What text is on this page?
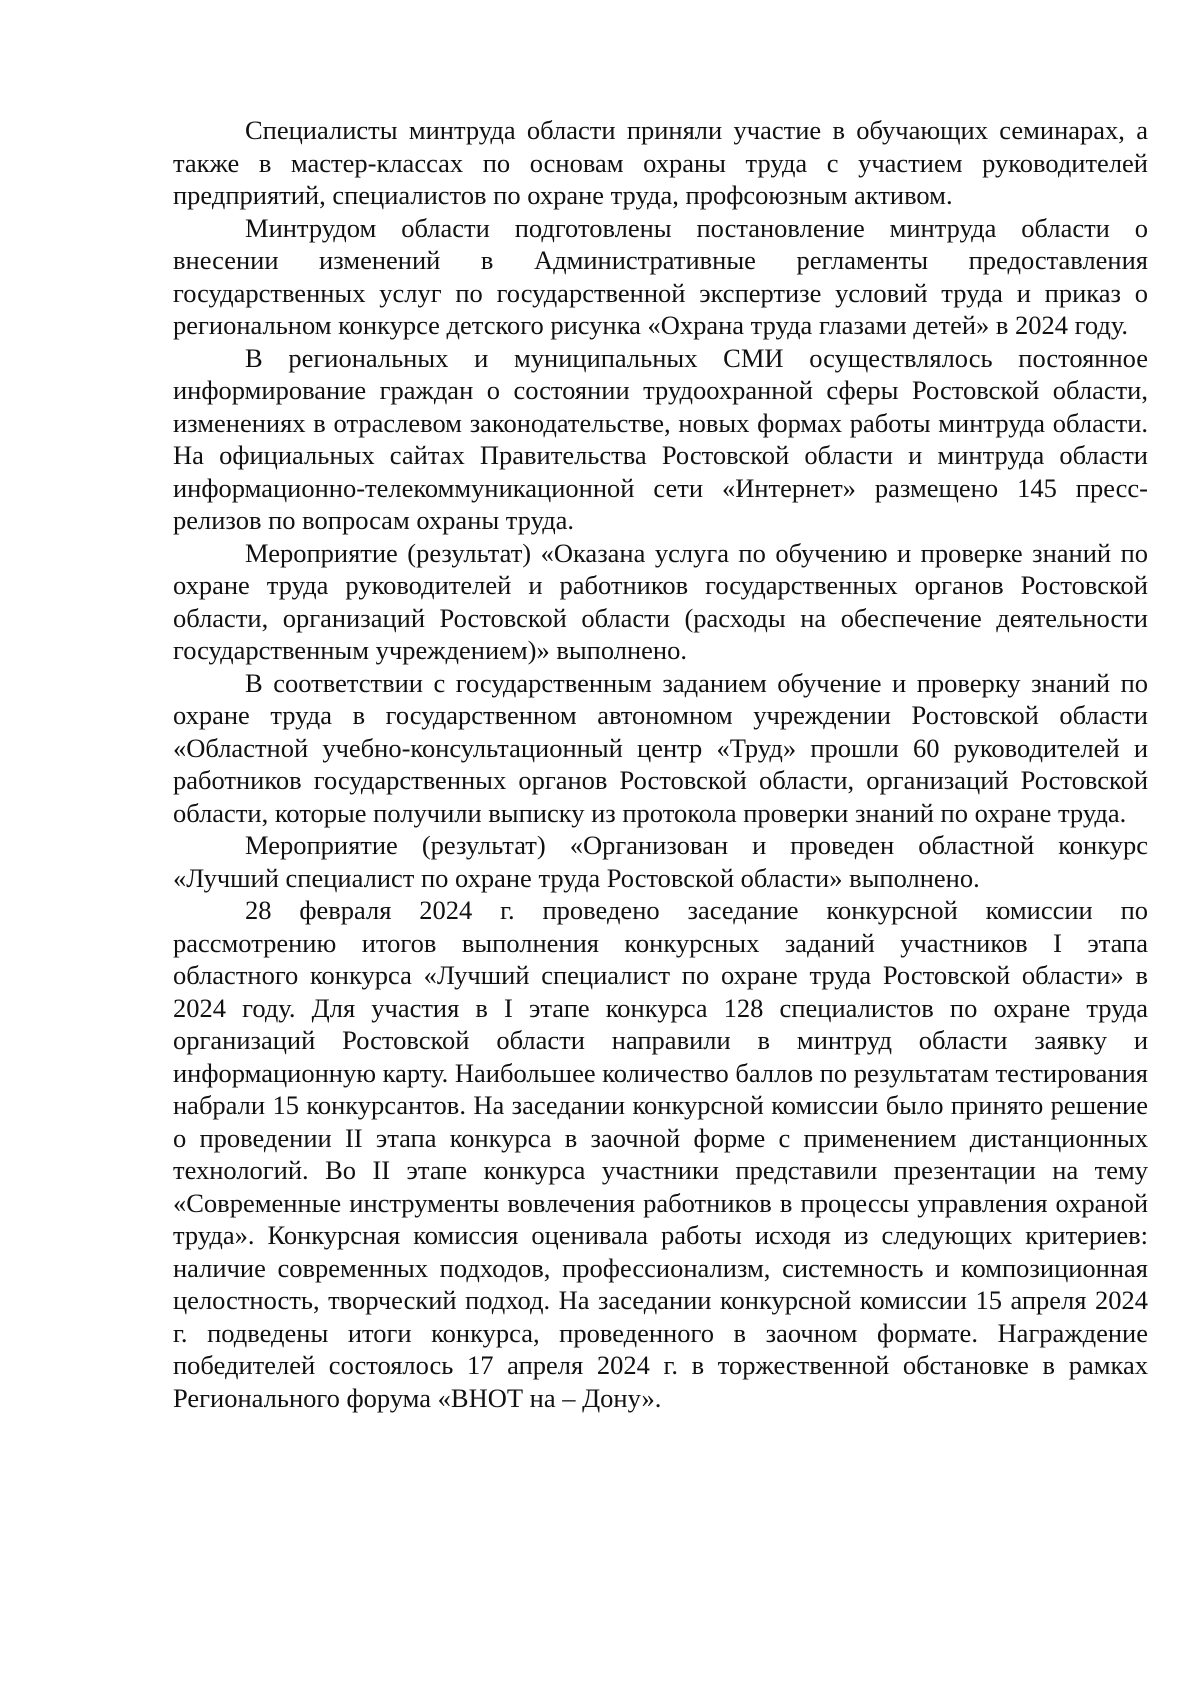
Специалисты минтруда области приняли участие в обучающих семинарах, а также в мастер-классах по основам охраны труда с участием руководителей предприятий, специалистов по охране труда, профсоюзным активом.

Минтрудом области подготовлены постановление минтруда области о внесении изменений в Административные регламенты предоставления государственных услуг по государственной экспертизе условий труда и приказ о региональном конкурсе детского рисунка «Охрана труда глазами детей» в 2024 году.

В региональных и муниципальных СМИ осуществлялось постоянное информирование граждан о состоянии трудоохранной сферы Ростовской области, изменениях в отраслевом законодательстве, новых формах работы минтруда области. На официальных сайтах Правительства Ростовской области и минтруда области информационно-телекоммуникационной сети «Интернет» размещено 145 пресс-релизов по вопросам охраны труда.

Мероприятие (результат) «Оказана услуга по обучению и проверке знаний по охране труда руководителей и работников государственных органов Ростовской области, организаций Ростовской области (расходы на обеспечение деятельности государственным учреждением)» выполнено.

В соответствии с государственным заданием обучение и проверку знаний по охране труда в государственном автономном учреждении Ростовской области «Областной учебно-консультационный центр «Труд» прошли 60 руководителей и работников государственных органов Ростовской области, организаций Ростовской области, которые получили выписку из протокола проверки знаний по охране труда.

Мероприятие (результат) «Организован и проведен областной конкурс «Лучший специалист по охране труда Ростовской области» выполнено.

28 февраля 2024 г. проведено заседание конкурсной комиссии по рассмотрению итогов выполнения конкурсных заданий участников I этапа областного конкурса «Лучший специалист по охране труда Ростовской области» в 2024 году. Для участия в I этапе конкурса 128 специалистов по охране труда организаций Ростовской области направили в минтруд области заявку и информационную карту. Наибольшее количество баллов по результатам тестирования набрали 15 конкурсантов. На заседании конкурсной комиссии было принято решение о проведении II этапа конкурса в заочной форме с применением дистанционных технологий. Во II этапе конкурса участники представили презентации на тему «Современные инструменты вовлечения работников в процессы управления охраной труда». Конкурсная комиссия оценивала работы исходя из следующих критериев: наличие современных подходов, профессионализм, системность и композиционная целостность, творческий подход. На заседании конкурсной комиссии 15 апреля 2024 г. подведены итоги конкурса, проведенного в заочном формате. Награждение победителей состоялось 17 апреля 2024 г. в торжественной обстановке в рамках Регионального форума «ВНОТ на – Дону».
